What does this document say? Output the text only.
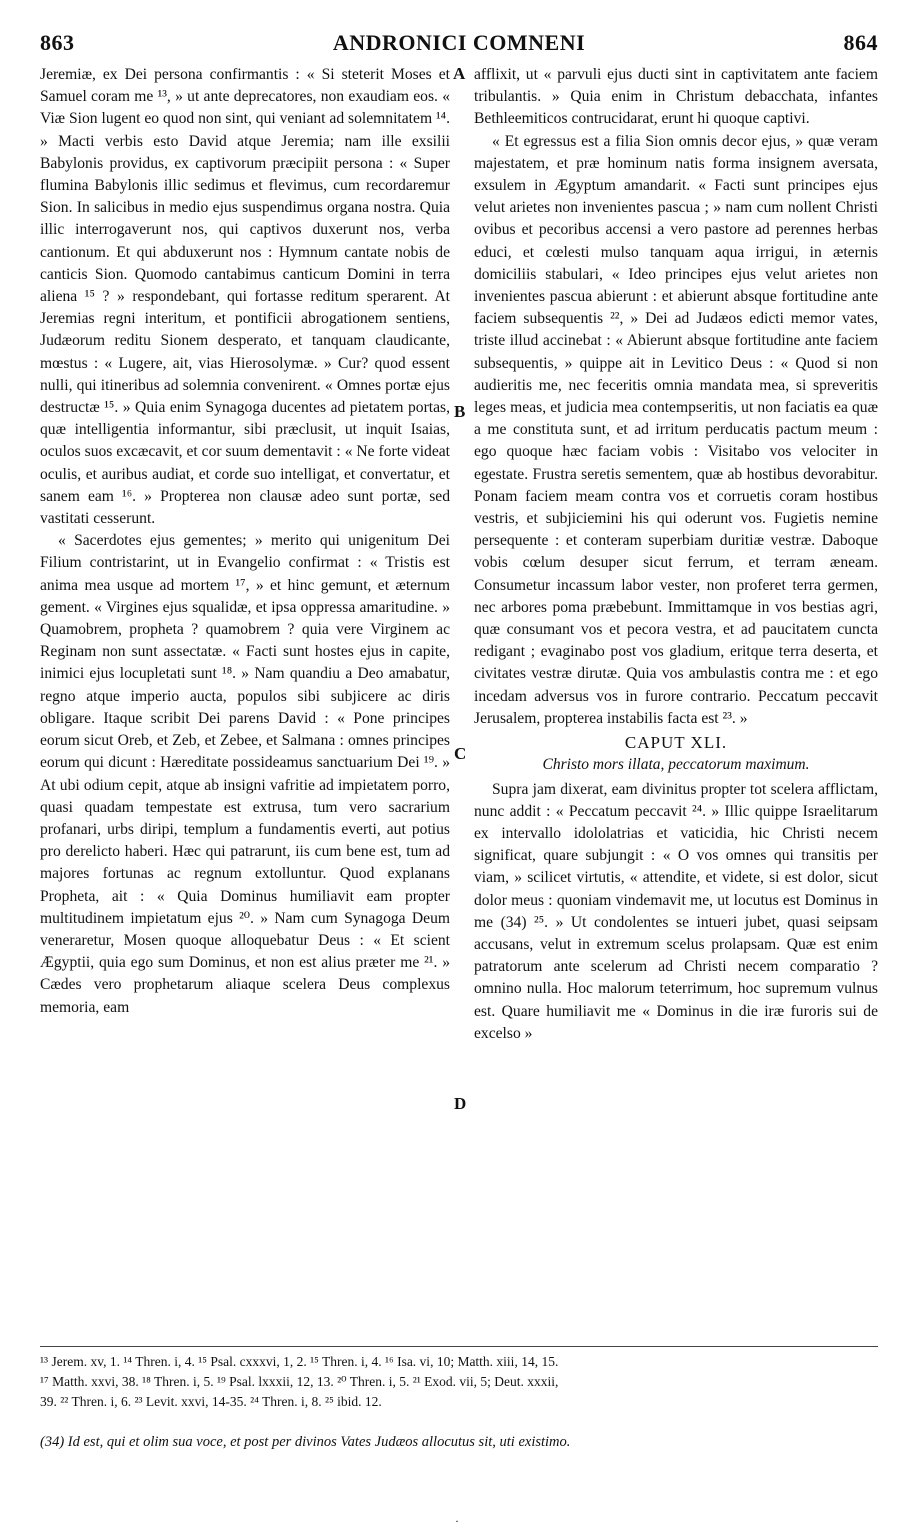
863	ANDRONICI COMNENI	864

Jeremiæ, ex Dei persona confirmantis : « Si steterit Moses et Samuel coram me ¹³, » ut ante deprecatores, non exaudiam eos. « Viæ Sion lugent eo quod non sint, qui veniant ad solemnitatem ¹⁴. » Macti verbis esto David atque Jeremia; nam ille exsilii Babylonis providus, ex captivorum præcipiit persona : « Super flumina Babylonis illic sedimus et flevimus, cum recordaremur Sion. In salicibus in medio ejus suspendimus organa nostra. Quia illic interrogaverunt nos, qui captivos duxerunt nos, verba cantionum. Et qui abduxerunt nos : Hymnum cantate nobis de canticis Sion. Quomodo cantabimus canticum Domini in terra aliena ¹⁵ ? » respondebant, qui fortasse reditum sperarent. At Jeremias regni interitum, et pontificii abrogationem sentiens, Judæorum reditu Sionem desperato, et tanquam claudicante, mœstus : « Lugere, ait, vias Hierosolymæ. » Cur? quod essent nulli, qui itineribus ad solemnia convenirent. « Omnes portæ ejus destructæ ¹⁵. » Quia enim Synagoga ducentes ad pietatem portas, quæ intelligentia informantur, sibi præclusit, ut inquit Isaias, oculos suos excæcavit, et cor suum dementavit : « Ne forte videat oculis, et auribus audiat, et corde suo intelligat, et convertatur, et sanem eam ¹⁶. » Propterea non clausæ adeo sunt portæ, sed vastitati cesserunt.

« Sacerdotes ejus gementes; » merito qui unigenitum Dei Filium contristarint, ut in Evangelio confirmat : « Tristis est anima mea usque ad mortem ¹⁷, » et hinc gemunt, et æternum gement. « Virgines ejus squalidæ, et ipsa oppressa amaritudine. » Quamobrem, propheta ? quamobrem ? quia vere Virginem ac Reginam non sunt assectatæ. « Facti sunt hostes ejus in capite, inimici ejus locupletati sunt ¹⁸. » Nam quandiu a Deo amabatur, regno atque imperio aucta, populos sibi subjicere ac diris obligare. Itaque scribit Dei parens David : « Pone principes eorum sicut Oreb, et Zeb, et Zebee, et Salmana : omnes principes eorum qui dicunt : Hæreditate possideamus sanctuarium Dei ¹⁹. » At ubi odium cepit, atque ab insigni vafritie ad impietatem porro, quasi quadam tempestate est extrusa, tum vero sacrarium profanari, urbs diripi, templum a fundamentis everti, aut potius pro derelicto haberi. Hæc qui patrarunt, iis cum bene est, tum ad majores fortunas ac regnum extolluntur. Quod explanans Propheta, ait : « Quia Dominus humiliavit eam propter multitudinem impietatum ejus ²⁰. » Nam cum Synagoga Deum veneraretur, Mosen quoque alloquebatur Deus : « Et scient Ægyptii, quia ego sum Dominus, et non est alius præter me ²¹. » Cædes vero prophetarum aliaque scelera Deus complexus memoria, eam

A
B
C
D

afflixit, ut « parvuli ejus ducti sint in captivitatem ante faciem tribulantis. » Quia enim in Christum debacchata, infantes Bethleemiticos contrucidarat, erunt hi quoque captivi.

« Et egressus est a filia Sion omnis decor ejus, » quæ veram majestatem, et præ hominum natis forma insignem aversata, exsulem in Ægyptum amandarit. « Facti sunt principes ejus velut arietes non invenientes pascua ; » nam cum nollent Christi ovibus et pecoribus accensi a vero pastore ad perennes herbas educi, et cœlesti mulso tanquam aqua irrigui, in æternis domiciliis stabulari, « Ideo principes ejus velut arietes non invenientes pascua abierunt : et abierunt absque fortitudine ante faciem subsequentis ²², » Dei ad Judæos edicti memor vates, triste illud accinebat : « Abierunt absque fortitudine ante faciem subsequentis, » quippe ait in Levitico Deus : « Quod si non audieritis me, nec feceritis omnia mandata mea, si spreveritis leges meas, et judicia mea contempseritis, ut non faciatis ea quæ a me constituta sunt, et ad irritum perducatis pactum meum : ego quoque hæc faciam vobis : Visitabo vos velociter in egestate. Frustra seretis sementem, quæ ab hostibus devorabitur. Ponam faciem meam contra vos et corruetis coram hostibus vestris, et subjiciemini his qui oderunt vos. Fugietis nemine persequente : et conteram superbiam duritiæ vestræ. Daboque vobis cœlum desuper sicut ferrum, et terram æneam. Consumetur incassum labor vester, non proferet terra germen, nec arbores poma præbebunt. Immittamque in vos bestias agri, quæ consumant vos et pecora vestra, et ad paucitatem cuncta redigant ; evaginabo post vos gladium, eritque terra deserta, et civitates vestræ dirutæ. Quia vos ambulastis contra me : et ego incedam adversus vos in furore contrario. Peccatum peccavit Jerusalem, propterea instabilis facta est ²³. »

CAPUT XLI.
Christo mors illata, peccatorum maximum.

Supra jam dixerat, eam divinitus propter tot scelera afflictam, nunc addit : « Peccatum peccavit ²⁴. » Illic quippe Israelitarum ex intervallo idololatrias et vaticidia, hic Christi necem significat, quare subjungit : « O vos omnes qui transitis per viam, » scilicet virtutis, « attendite, et videte, si est dolor, sicut dolor meus : quoniam vindemavit me, ut locutus est Dominus in me (34) ²⁵. » Ut condolentes se intueri jubet, quasi seipsam accusans, velut in extremum scelus prolapsam. Quæ est enim patratorum ante scelerum ad Christi necem comparatio ? omnino nulla. Hoc malorum teterrimum, hoc supremum vulnus est. Quare humiliavit me « Dominus in die iræ furoris sui de excelso »

¹³ Jerem. xv, 1. ¹⁴ Thren. i, 4. ¹⁵ Psal. cxxxvi, 1, 2. ¹⁵ Thren. i, 4. ¹⁶ Isa. vi, 10; Matth. xiii, 14, 15.

¹⁷ Matth. xxvi, 38. ¹⁸ Thren. i, 5. ¹⁹ Psal. lxxxii, 12, 13. ²⁰ Thren. i, 5. ²¹ Exod. vii, 5; Deut. xxxii,

39. ²² Thren. i, 6. ²³ Levit. xxvi, 14-35. ²⁴ Thren. i, 8. ²⁵ ibid. 12.

(34) Id est, qui et olim sua voce, et post per divinos Vates Judæos allocutus sit, uti existimo.
·
